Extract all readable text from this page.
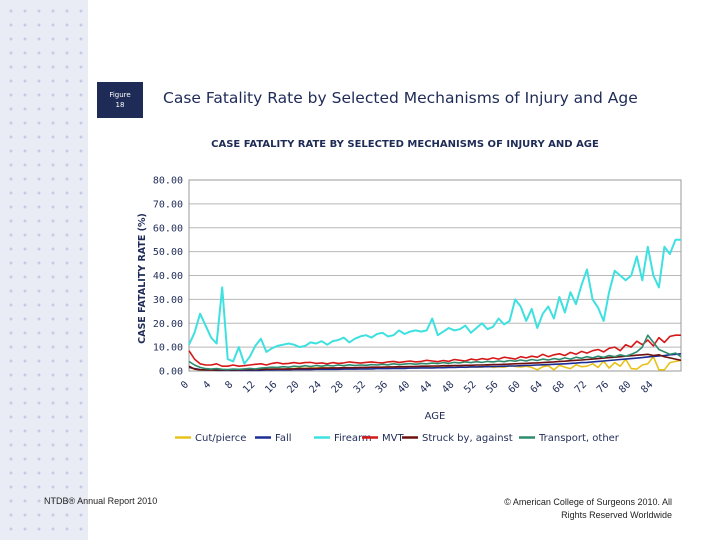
Figure
18 Case Fatality Rate by Selected Mechanisms of Injury and Age
CASE FATALITY RATE BY SELECTED MECHANISMS OF INJURY AND AGE
0.00
10.00
20.00
30.00
40.00
50.00
60.00
70.00
80.00
0 4 8 12 16 20 24 28 32 36 40 44 48 52 56 60 64 68 72 76 80 84
AGE
CASE FATALITY RATE (%)
Cut/pierce	Fall	Firearm MVT Struck by, against	Transport, other
NTDB® Annual Report 2010	© American College of Surgeons 2010. All
Rights Reserved Worldwide
